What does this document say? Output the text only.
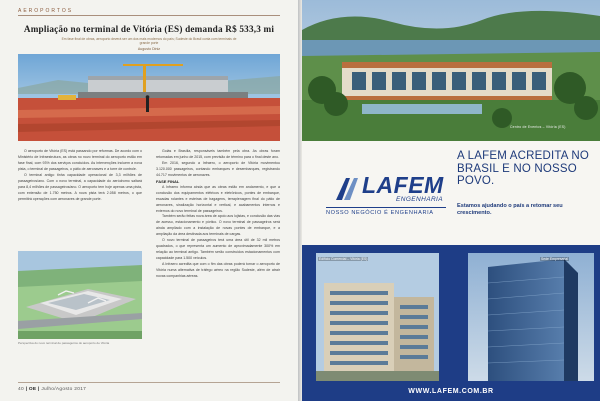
AEROPORTOS
Ampliação no terminal de Vitória (ES) demanda R$ 533,3 mi
Em fase final de obras, aeroporto deverá ser um dos mais modernos do país; Sudeste do Brasil conta com terminais de grande porte
Augusto Diniz

O aeroporto de Vitória (ES) está passando por reformas. De acordo com o Ministério de Infraestrutura, as obras no novo terminal do aeroporto estão em fase final, com 93% dos serviços concluídos. As intervenções incluem a nova pista, o terminal de passageiros, o pátio de aeronaves e a torre de controle.

O terminal antigo tinha capacidade operacional de 3,3 milhões de passageiros/ano. Com o novo terminal, a capacidade do aeródromo saltará para 8,4 milhões de passageiros/ano. O aeroporto tem hoje apenas uma pista, com extensão de 1.750 metros. A nova pista terá 2.058 metros, o que permitirá operações com aeronaves de grande porte.

Goiás e Brasília, responsáveis também pela obra. As obras foram retomadas em junho de 2015, com previsão de término para o final deste ano.

Em 2016, segundo a Infraero, o aeroporto de Vitória movimentou 3.120.000 passageiros, contando embarques e desembarques, registrando 44.717 movimentos de aeronaves.

FASE FINAL

A Infraero informa ainda que as obras estão em andamento, e que a conclusão dos equipamentos elétricos e eletrônicos, pontes de embarque, escadas rolantes e esteiras de bagagens, terraplenagem final do pátio de aeronaves, sinalização horizontal e vertical, e acabamentos internos e externos do novo terminal de passageiros.

Também serão feitas nova área de apoio aos lojistas, e conclusão das vias de acesso, estacionamento e pórtico. O novo terminal de passageiros será ainda ampliado com a instalação de novas pontes de embarque, e a ampliação da área destinada aos terminais de cargas.

O novo terminal de passageiros terá uma área útil de 32 mil metros quadrados, o que representa um aumento de aproximadamente 300% em relação ao terminal antigo. Também serão construídos estacionamentos com capacidade para 1.500 veículos.

A Infraero acredita que com o fim das obras poderá tornar o aeroporto de Vitória numa alternativa de tráfego aéreo na região Sudeste, além de atrair novas companhias aéreas.

Perspectiva do novo terminal de passageiros do aeroporto de Vitória
40 | OE | Julho/Agosto 2017
Centro de Eventos – Vitória (ES)
LAFEM
ENGENHARIA
NOSSO NEGÓCIO É ENGENHARIA
A LAFEM ACREDITA NO BRASIL E NO NOSSO POVO.
Estamos ajudando o país a retomar seu crescimento.
Edifício Comercial – Vitória (ES)	Sede Empresarial
WWW.LAFEM.COM.BR
